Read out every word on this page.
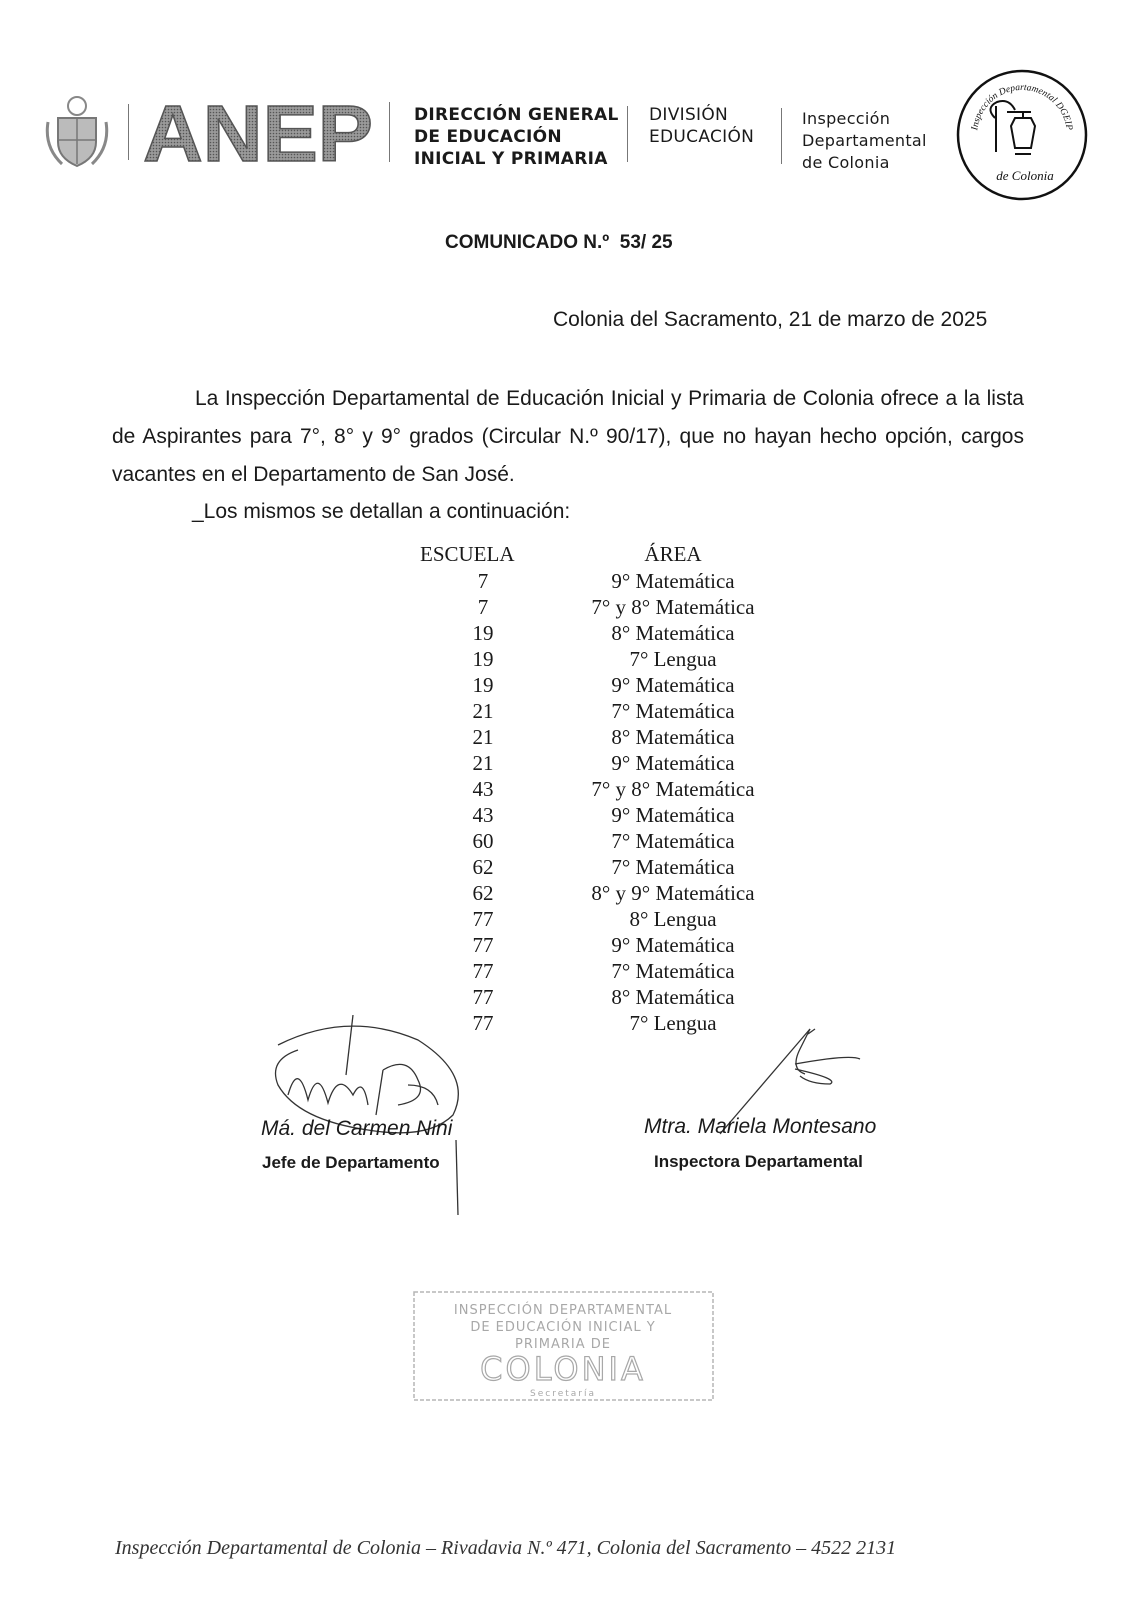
ANEP DIRECCIÓN GENERAL
DE EDUCACIÓN
INICIAL Y PRIMARIA
DIVISIÓN
EDUCACIÓN
Inspección
Departamental
de Colonia
Inspección Departamental DGEIP
de Colonia
COMUNICADO N.º  53/ 25
Colonia del Sacramento, 21 de marzo de 2025

La Inspección Departamental de Educación Inicial y Primaria de Colonia ofrece a la lista de Aspirantes para 7°, 8° y 9° grados (Circular N.º 90/17), que no hayan hecho opción, cargos vacantes en el Departamento de San José.

_Los mismos se detallan a continuación:
ESCUELA	ÁREA
7	9° Matemática
7	7° y 8° Matemática
19	8° Matemática
19	7° Lengua
19	9° Matemática
21	7° Matemática
21	8° Matemática
21	9° Matemática
43	7° y 8° Matemática
43	9° Matemática
60	7° Matemática
62	7° Matemática
62	8° y 9° Matemática
77	8° Lengua
77	9° Matemática
77	7° Matemática
77	8° Matemática
77	7° Lengua
Má. del Carmen Nini
Jefe de Departamento
Mtra. Mariela Montesano
Inspectora Departamental
INSPECCIÓN DEPARTAMENTAL
DE EDUCACIÓN INICIAL Y
PRIMARIA DE
COLONIA
Secretaría
Inspección Departamental de Colonia – Rivadavia N.º 471, Colonia del Sacramento – 4522 2131
